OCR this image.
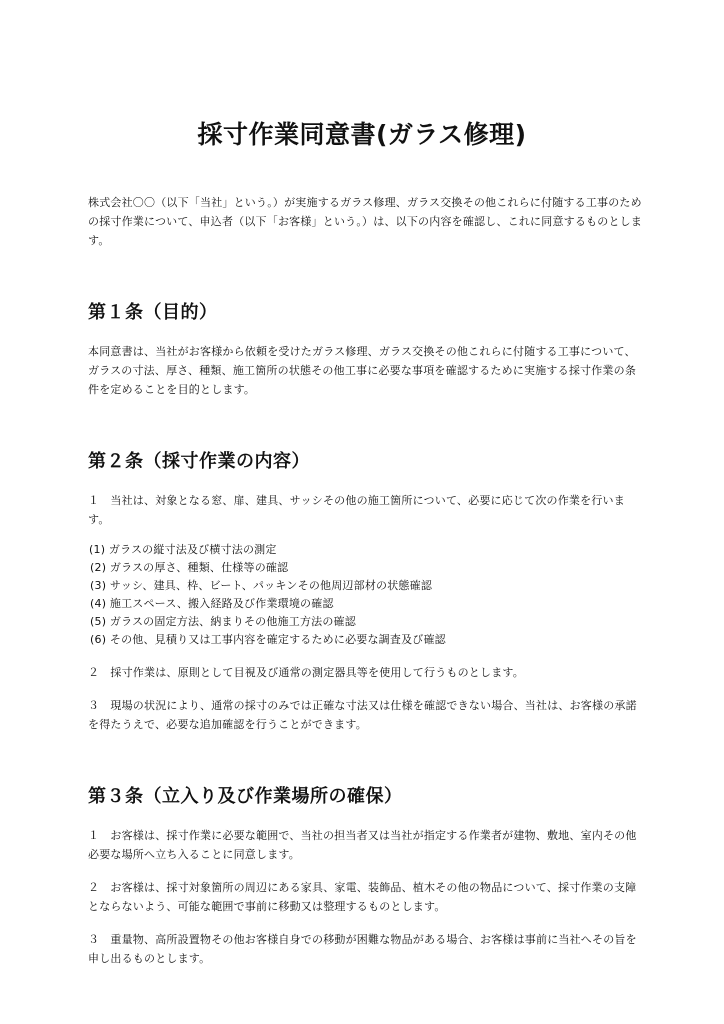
採寸作業同意書(ガラス修理)

株式会社〇〇（以下「当社」という。）が実施するガラス修理、ガラス交換その他これらに付随する工事のための採寸作業について、申込者（以下「お客様」という。）は、以下の内容を確認し、これに同意するものとします。

第１条（目的）

本同意書は、当社がお客様から依頼を受けたガラス修理、ガラス交換その他これらに付随する工事について、ガラスの寸法、厚さ、種類、施工箇所の状態その他工事に必要な事項を確認するために実施する採寸作業の条件を定めることを目的とします。

第２条（採寸作業の内容）

１　当社は、対象となる窓、扉、建具、サッシその他の施工箇所について、必要に応じて次の作業を行います。

(1) ガラスの縦寸法及び横寸法の測定
(2) ガラスの厚さ、種類、仕様等の確認
(3) サッシ、建具、枠、ビート、パッキンその他周辺部材の状態確認
(4) 施工スペース、搬入経路及び作業環境の確認
(5) ガラスの固定方法、納まりその他施工方法の確認
(6) その他、見積り又は工事内容を確定するために必要な調査及び確認

２　採寸作業は、原則として目視及び通常の測定器具等を使用して行うものとします。

３　現場の状況により、通常の採寸のみでは正確な寸法又は仕様を確認できない場合、当社は、お客様の承諾を得たうえで、必要な追加確認を行うことができます。

第３条（立入り及び作業場所の確保）

１　お客様は、採寸作業に必要な範囲で、当社の担当者又は当社が指定する作業者が建物、敷地、室内その他必要な場所へ立ち入ることに同意します。

２　お客様は、採寸対象箇所の周辺にある家具、家電、装飾品、植木その他の物品について、採寸作業の支障とならないよう、可能な範囲で事前に移動又は整理するものとします。

３　重量物、高所設置物その他お客様自身での移動が困難な物品がある場合、お客様は事前に当社へその旨を申し出るものとします。
